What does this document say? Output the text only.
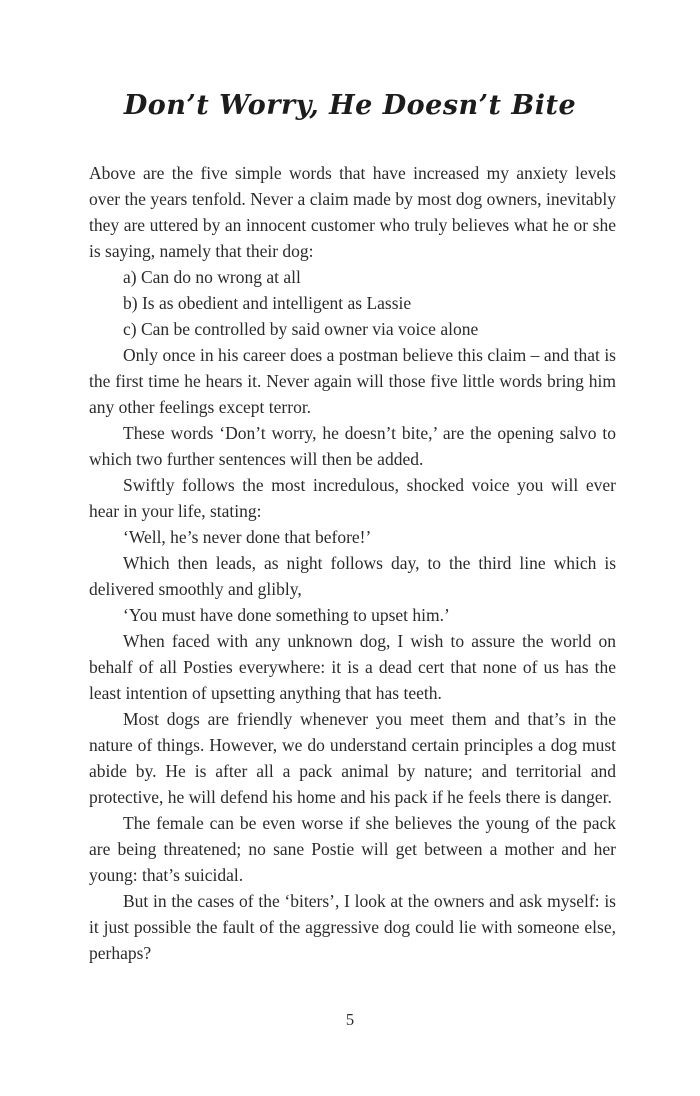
Don’t Worry, He Doesn’t Bite

Above are the five simple words that have increased my anxiety levels over the years tenfold. Never a claim made by most dog owners, inevitably they are uttered by an innocent customer who truly believes what he or she is saying, namely that their dog:

a) Can do no wrong at all

b) Is as obedient and intelligent as Lassie

c) Can be controlled by said owner via voice alone

Only once in his career does a postman believe this claim – and that is the first time he hears it. Never again will those five little words bring him any other feelings except terror.

These words ‘Don’t worry, he doesn’t bite,’ are the opening salvo to which two further sentences will then be added.

Swiftly follows the most incredulous, shocked voice you will ever hear in your life, stating:

‘Well, he’s never done that before!’

Which then leads, as night follows day, to the third line which is delivered smoothly and glibly,

‘You must have done something to upset him.’

When faced with any unknown dog, I wish to assure the world on behalf of all Posties everywhere: it is a dead cert that none of us has the least intention of upsetting anything that has teeth.

Most dogs are friendly whenever you meet them and that’s in the nature of things. However, we do understand certain principles a dog must abide by. He is after all a pack animal by nature; and territorial and protective, he will defend his home and his pack if he feels there is danger.

The female can be even worse if she believes the young of the pack are being threatened; no sane Postie will get between a mother and her young: that’s suicidal.

But in the cases of the ‘biters’, I look at the owners and ask myself: is it just possible the fault of the aggressive dog could lie with someone else, perhaps?

5
